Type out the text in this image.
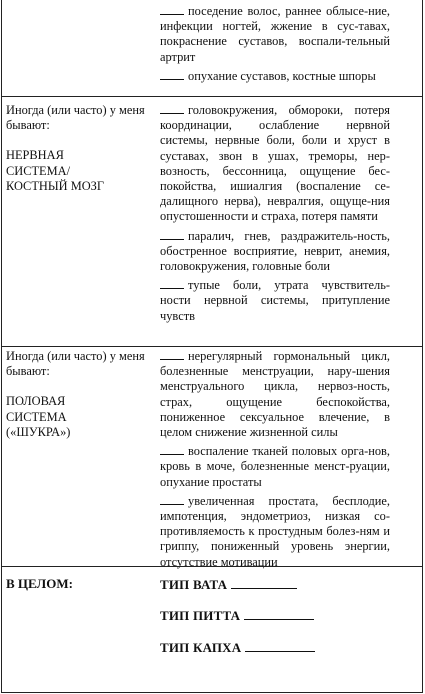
поседение волос, раннее облысе-ние, инфекции ногтей, жжение в сус-тавах, покраснение суставов, воспали-тельный артрит
опухание суставов, костные шпоры
Иногда (или часто) у меня бывают:
НЕРВНАЯ
СИСТЕМА/
КОСТНЫЙ МОЗГ
головокружения, обмороки, потеря координации, ослабление нервной системы, нервные боли, боли и хруст в суставах, звон в ушах, треморы, нер-возность, бессонница, ощущение бес-покойства, ишиалгия (воспаление се-далищного нерва), невралгия, ощуще-ния опустошенности и страха, потеря памяти
паралич, гнев, раздражитель-ность, обостренное восприятие, неврит, анемия, головокружения, головные боли
тупые боли, утрата чувствитель-ности нервной системы, притупление чувств
Иногда (или часто) у меня бывают:
ПОЛОВАЯ
СИСТЕМА
(«ШУКРА»)
нерегулярный гормональный цикл, болезненные менструации, нару-шения менструального цикла, нервоз-ность, страх, ощущение беспокойства, пониженное сексуальное влечение, в целом снижение жизненной силы
воспаление тканей половых орга-нов, кровь в моче, болезненные менст-руации, опухание простаты
увеличенная простата, бесплодие, импотенция, эндометриоз, низкая со-противляемость к простудным болез-ням и гриппу, пониженный уровень энергии, отсутствие мотивации
В ЦЕЛОМ:	ТИП ВАТА
ТИП ПИТТА
ТИП КАПХА
